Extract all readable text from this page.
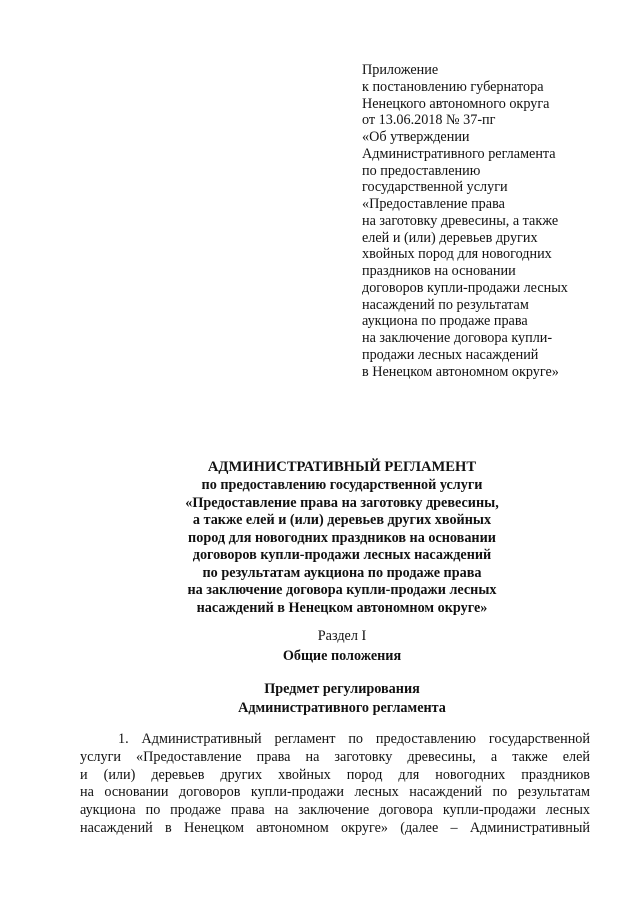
Приложение
к постановлению губернатора
Ненецкого автономного округа
от 13.06.2018 № 37-пг
«Об утверждении
Административного регламента
по предоставлению
государственной услуги
«Предоставление права
на заготовку древесины, а также
елей и (или) деревьев других
хвойных пород для новогодних
праздников на основании
договоров купли-продажи лесных
насаждений по результатам
аукциона по продаже права
на заключение договора купли-
продажи лесных насаждений
в Ненецком автономном округе»
АДМИНИСТРАТИВНЫЙ РЕГЛАМЕНТ
по предоставлению государственной услуги
«Предоставление права на заготовку древесины,
а также елей и (или) деревьев других хвойных
пород для новогодних праздников на основании
договоров купли-продажи лесных насаждений
по результатам аукциона по продаже права
на заключение договора купли-продажи лесных
насаждений в Ненецком автономном округе»
Раздел I
Общие положения
Предмет регулирования
Административного регламента
1. Административный регламент по предоставлению государственной
услуги «Предоставление права на заготовку древесины, а также елей
и (или) деревьев других хвойных пород для новогодних праздников
на основании договоров купли-продажи лесных насаждений по результатам
аукциона по продаже права на заключение договора купли-продажи лесных
насаждений в Ненецком автономном округе» (далее – Административный
